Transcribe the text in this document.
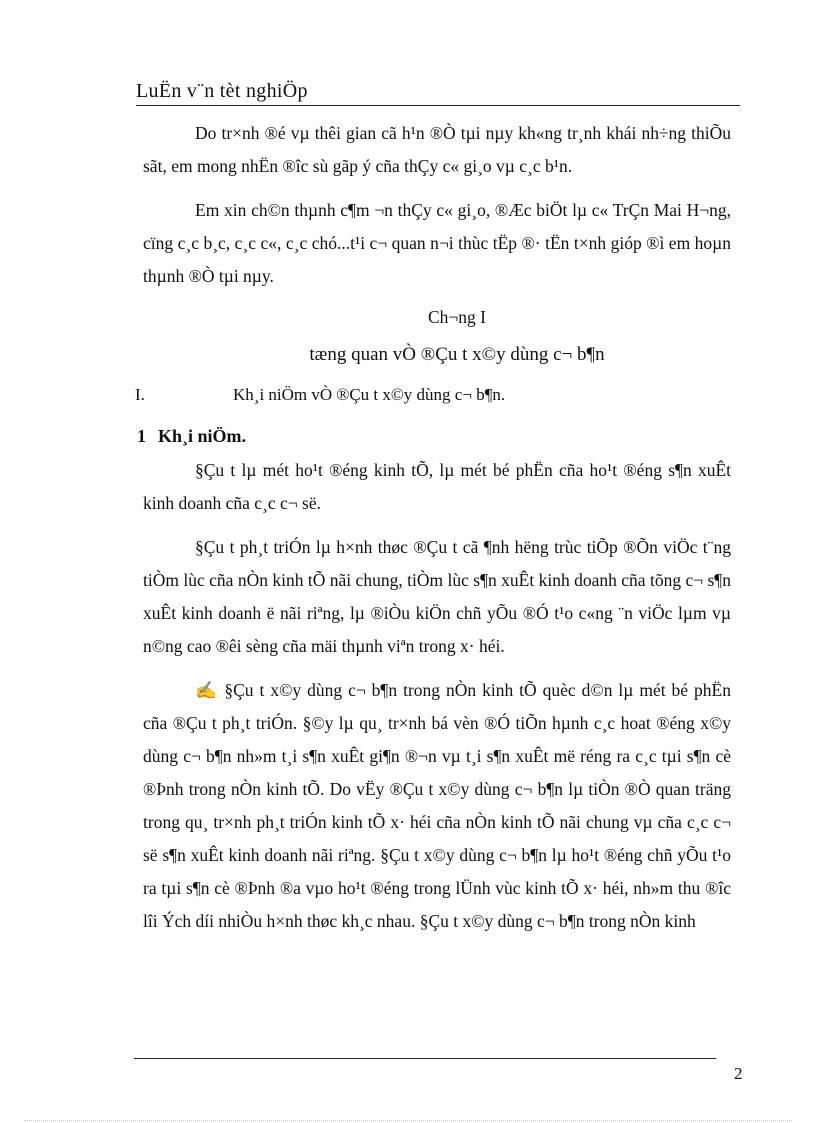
LuËn v¨n tèt nghiÖp

Do tr×nh ®é vµ thêi gian cã h¹n ®Ò tµi nµy kh«ng tr¸nh khái nh÷ng thiÕu sãt, em mong nhËn ®îc sù gãp ý cña thÇy c« gi¸o vµ c¸c b¹n.

Em xin ch©n thµnh c¶m ¬n thÇy c« gi¸o, ®Æc biÖt lµ c« TrÇn Mai H¬ng, cïng c¸c b¸c, c¸c c«, c¸c chó...t¹i c¬ quan n¬i thùc tËp ®· tËn t×nh gióp ®ì em hoµn thµnh ®Ò tµi nµy.

Ch¬ng I

tæng quan vÒ ®Çu t x©y dùng c¬ b¶n

I.	Kh¸i niÖm vÒ ®Çu t x©y dùng c¬ b¶n.
1 Kh¸i niÖm.

§Çu t lµ mét ho¹t ®éng kinh tÕ, lµ mét bé phËn cña ho¹t ®éng s¶n xuÊt kinh doanh cña c¸c c¬ së.

§Çu t ph¸t triÓn lµ h×nh thøc ®Çu t cã ¶nh hëng trùc tiÕp ®Õn viÖc t¨ng tiÒm lùc cña nÒn kinh tÕ nãi chung, tiÒm lùc s¶n xuÊt kinh doanh cña tõng c¬ s¶n xuÊt kinh doanh ë nãi riªng, lµ ®iÒu kiÖn chñ yÕu ®Ó t¹o c«ng ¨n viÖc lµm vµ n©ng cao ®êi sèng cña mäi thµnh viªn trong x· héi.

✍ §Çu t x©y dùng c¬ b¶n trong nÒn kinh tÕ quèc d©n lµ mét bé phËn cña ®Çu t ph¸t triÓn. §©y lµ qu¸ tr×nh bá vèn ®Ó tiÕn hµnh c¸c hoat ®éng x©y dùng c¬ b¶n nh»m t¸i s¶n xuÊt gi¶n ®¬n vµ t¸i s¶n xuÊt më réng ra c¸c tµi s¶n cè ®Þnh trong nÒn kinh tÕ. Do vËy ®Çu t x©y dùng c¬ b¶n lµ tiÒn ®Ò quan träng trong qu¸ tr×nh ph¸t triÓn kinh tÕ x· héi cña nÒn kinh tÕ nãi chung vµ cña c¸c c¬ së s¶n xuÊt kinh doanh nãi riªng. §Çu t x©y dùng c¬ b¶n lµ ho¹t ®éng chñ yÕu t¹o ra tµi s¶n cè ®Þnh ®a vµo ho¹t ®éng trong lÜnh vùc kinh tÕ x· héi, nh»m thu ®îc lîi Ých díi nhiÒu h×nh thøc kh¸c nhau. §Çu t x©y dùng c¬ b¶n trong nÒn kinh

2
